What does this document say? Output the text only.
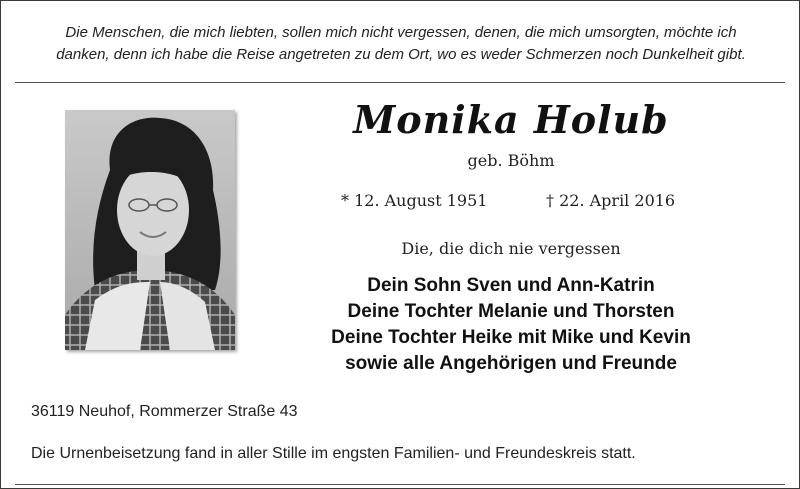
Die Menschen, die mich liebten, sollen mich nicht vergessen, denen, die mich umsorgten, möchte ich
danken, denn ich habe die Reise angetreten zu dem Ort, wo es weder Schmerzen noch Dunkelheit gibt.
Monika Holub
geb. Böhm
* 12. August 1951	† 22. April 2016
Die, die dich nie vergessen
Dein Sohn Sven und Ann-Katrin
Deine Tochter Melanie und Thorsten
Deine Tochter Heike mit Mike und Kevin
sowie alle Angehörigen und Freunde
36119 Neuhof, Rommerzer Straße 43
Die Urnenbeisetzung fand in aller Stille im engsten Familien- und Freundeskreis statt.
